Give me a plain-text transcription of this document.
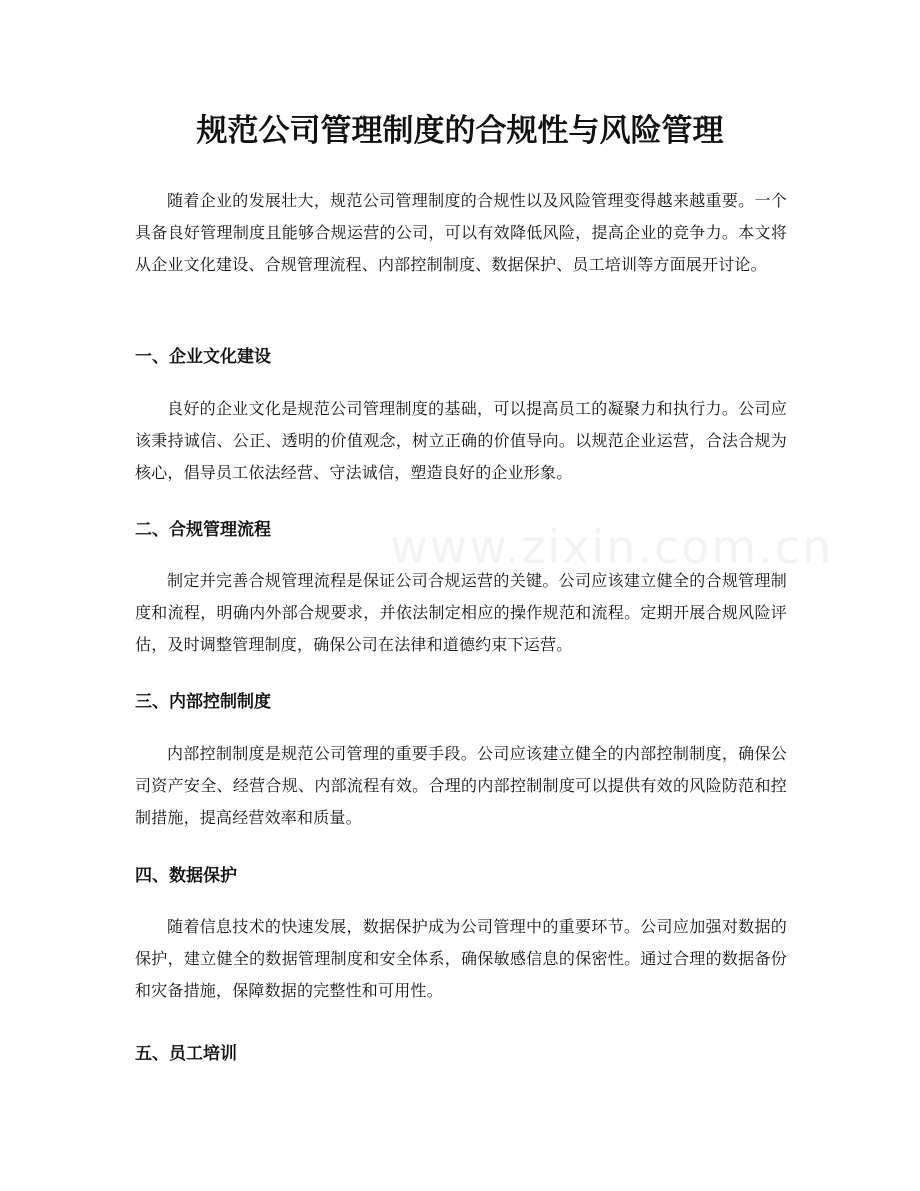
规范公司管理制度的合规性与风险管理

随着企业的发展壮大，规范公司管理制度的合规性以及风险管理变得越来越重要。一个具备良好管理制度且能够合规运营的公司，可以有效降低风险，提高企业的竞争力。本文将从企业文化建设、合规管理流程、内部控制制度、数据保护、员工培训等方面展开讨论。

一、企业文化建设

良好的企业文化是规范公司管理制度的基础，可以提高员工的凝聚力和执行力。公司应该秉持诚信、公正、透明的价值观念，树立正确的价值导向。以规范企业运营，合法合规为核心，倡导员工依法经营、守法诚信，塑造良好的企业形象。

二、合规管理流程

制定并完善合规管理流程是保证公司合规运营的关键。公司应该建立健全的合规管理制度和流程，明确内外部合规要求，并依法制定相应的操作规范和流程。定期开展合规风险评估，及时调整管理制度，确保公司在法律和道德约束下运营。

三、内部控制制度

内部控制制度是规范公司管理的重要手段。公司应该建立健全的内部控制制度，确保公司资产安全、经营合规、内部流程有效。合理的内部控制制度可以提供有效的风险防范和控制措施，提高经营效率和质量。

四、数据保护

随着信息技术的快速发展，数据保护成为公司管理中的重要环节。公司应加强对数据的保护，建立健全的数据管理制度和安全体系，确保敏感信息的保密性。通过合理的数据备份和灾备措施，保障数据的完整性和可用性。

五、员工培训
www.zixin.com.cn
